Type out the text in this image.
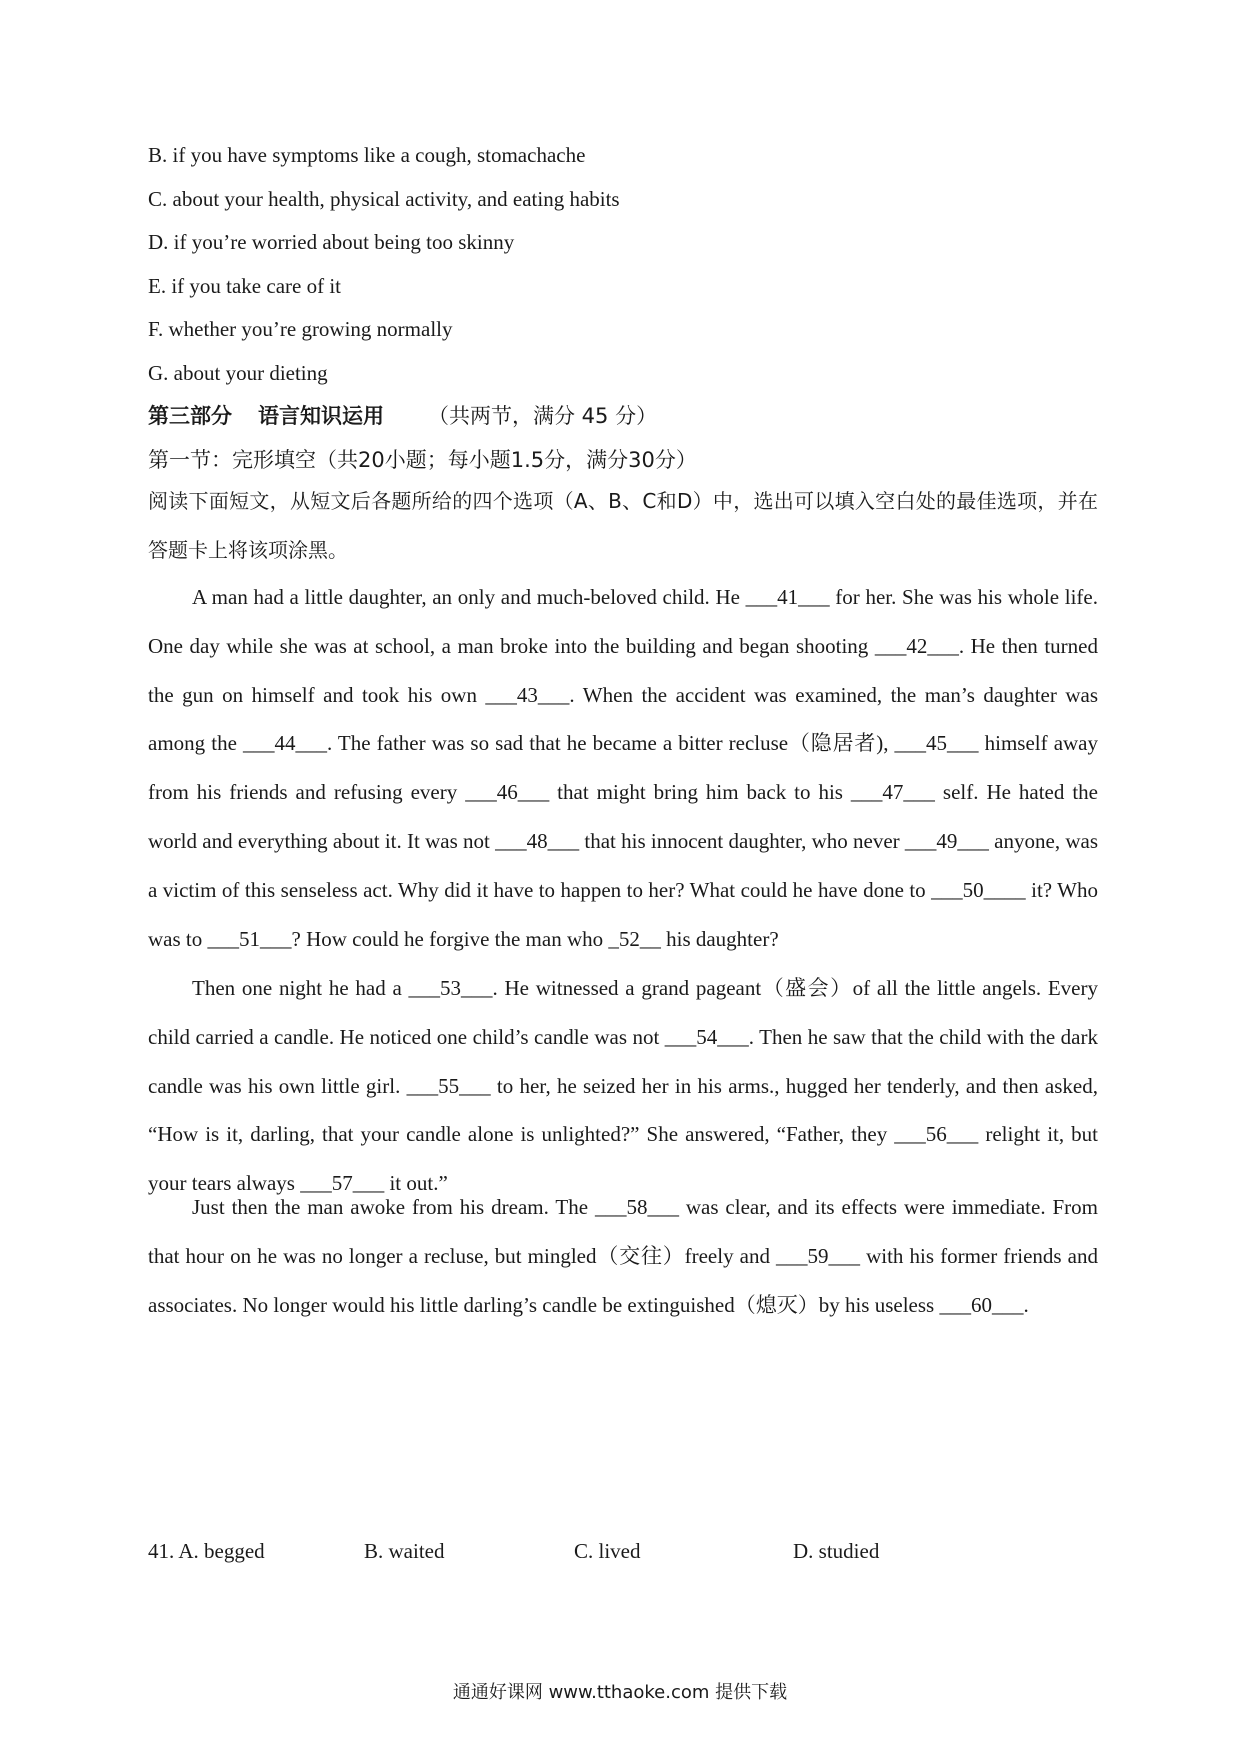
B. if you have symptoms like a cough, stomachache
C. about your health, physical activity, and eating habits
D. if you’re worried about being too skinny
E. if you take care of it
F. whether you’re growing normally
G. about your dieting
第三部分 语言知识运用 （共两节，满分 45 分）
第一节：完形填空（共20小题；每小题1.5分，满分30分）
阅读下面短文，从短文后各题所给的四个选项（A、B、C和D）中，选出可以填入空白处的最佳选项，并在答题卡上将该项涂黑。

A man had a little daughter, an only and much-beloved child. He ___41___ for her. She was his whole life. One day while she was at school, a man broke into the building and began shooting ___42___. He then turned the gun on himself and took his own ___43___. When the accident was examined, the man’s daughter was among the ___44___. The father was so sad that he became a bitter recluse（隐居者), ___45___ himself away from his friends and refusing every ___46___ that might bring him back to his ___47___ self. He hated the world and everything about it. It was not ___48___ that his innocent daughter, who never ___49___ anyone, was a victim of this senseless act. Why did it have to happen to her? What could he have done to ___50____ it? Who was to ___51___? How could he forgive the man who _52__ his daughter?

Then one night he had a ___53___. He witnessed a grand pageant（盛会）of all the little angels. Every child carried a candle. He noticed one child’s candle was not ___54___. Then he saw that the child with the dark candle was his own little girl. ___55___ to her, he seized her in his arms., hugged her tenderly, and then asked, “How is it, darling, that your candle alone is unlighted?” She answered, “Father, they ___56___ relight it, but your tears always ___57___ it out.”

Just then the man awoke from his dream. The ___58___ was clear, and its effects were immediate. From that hour on he was no longer a recluse, but mingled（交往）freely and ___59___ with his former friends and associates. No longer would his little darling’s candle be extinguished（熄灭）by his useless ___60___.

41. A. begged	B. waited	C. lived	D. studied
通通好课网 www.tthaoke.com 提供下载
